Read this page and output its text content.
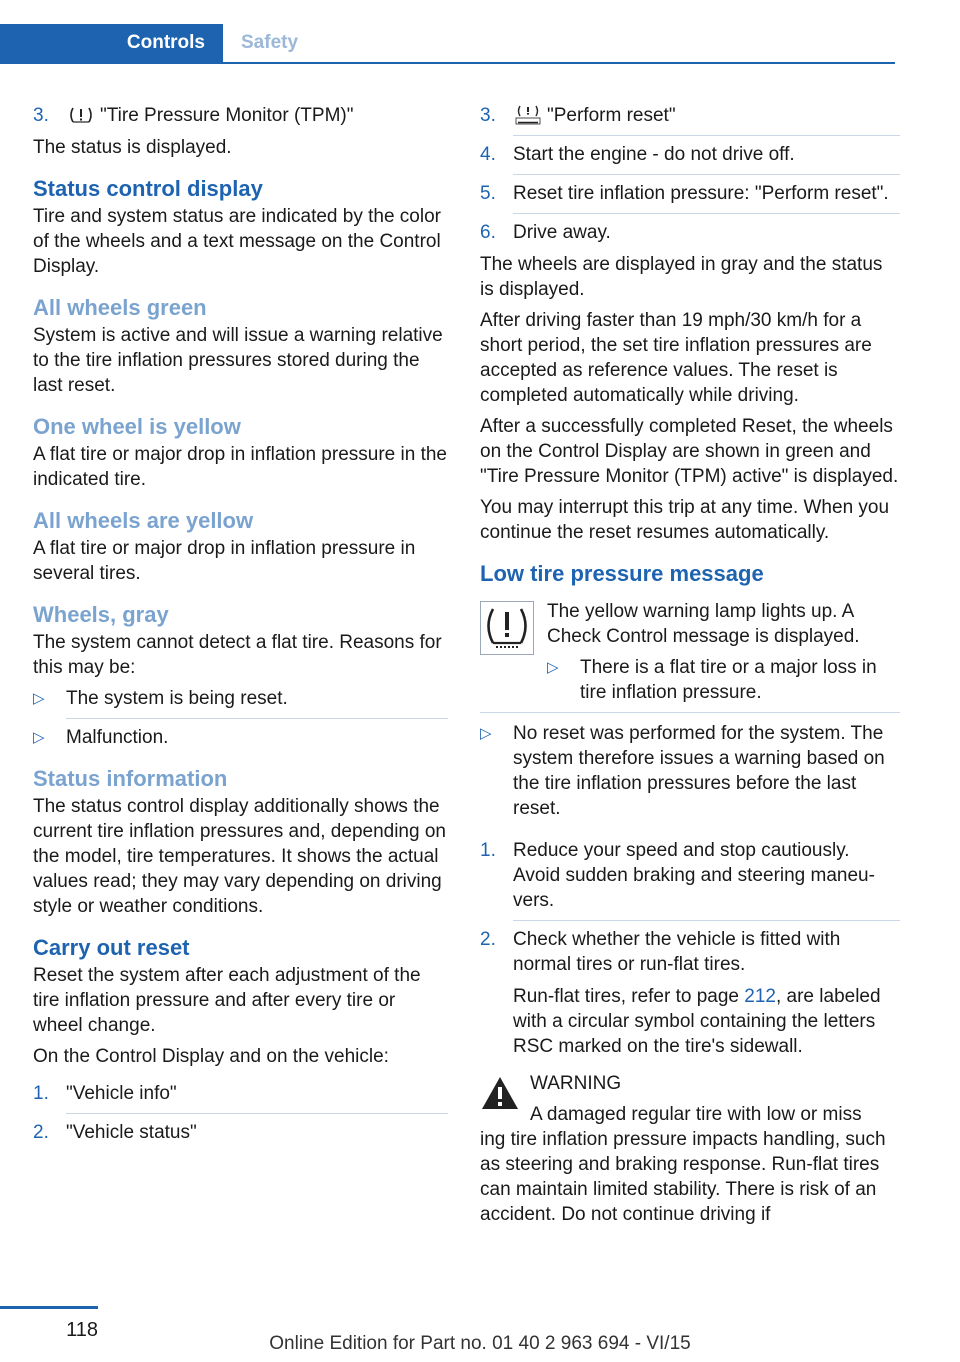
Controls	Safety
3.	"Tire Pressure Monitor (TPM)"

The status is displayed.

Status control display

Tire and system status are indicated by the color of the wheels and a text message on the Control Display.

All wheels green

System is active and will issue a warning relative to the tire inflation pressures stored during the last reset.

One wheel is yellow

A flat tire or major drop in inflation pressure in the indicated tire.

All wheels are yellow

A flat tire or major drop in inflation pressure in several tires.

Wheels, gray

The system cannot detect a flat tire. Reasons for this may be:

▷ The system is being reset.
▷ Malfunction.
Status information

The status control display additionally shows the current tire inflation pressures and, depending on the model, tire temperatures. It shows the actual values read; they may vary depending on driving style or weather conditions.

Carry out reset

Reset the system after each adjustment of the tire inflation pressure and after every tire or wheel change.

On the Control Display and on the vehicle:

1. "Vehicle info"
2. "Vehicle status"
3.	"Perform reset"
4. Start the engine - do not drive off.
5. Reset tire inflation pressure: "Perform reset".
6. Drive away.

The wheels are displayed in gray and the status is displayed.

After driving faster than 19 mph/30 km/h for a short period, the set tire inflation pressures are accepted as reference values. The reset is completed automatically while driving.

After a successfully completed Reset, the wheels on the Control Display are shown in green and "Tire Pressure Monitor (TPM) active" is displayed.

You may interrupt this trip at any time. When you continue the reset resumes automatically.

Low tire pressure message

The yellow warning lamp lights up. A Check Control message is displayed.

▷ There is a flat tire or a major loss in tire inflation pressure.
▷ No reset was performed for the system. The system therefore issues a warning based on the tire inflation pressures before the last reset.
1. Reduce your speed and stop cautiously. Avoid sudden braking and steering maneuvers.
2. Check whether the vehicle is fitted with normal tires or run-flat tires.

Run-flat tires, refer to page 212, are labeled with a circular symbol containing the letters RSC marked on the tire's sidewall.

WARNING
A damaged regular tire with low or miss
ing tire inflation pressure impacts handling, such as steering and braking response. Run-flat tires can maintain limited stability. There is risk of an accident. Do not continue driving if
118
Online Edition for Part no. 01 40 2 963 694 - VI/15
